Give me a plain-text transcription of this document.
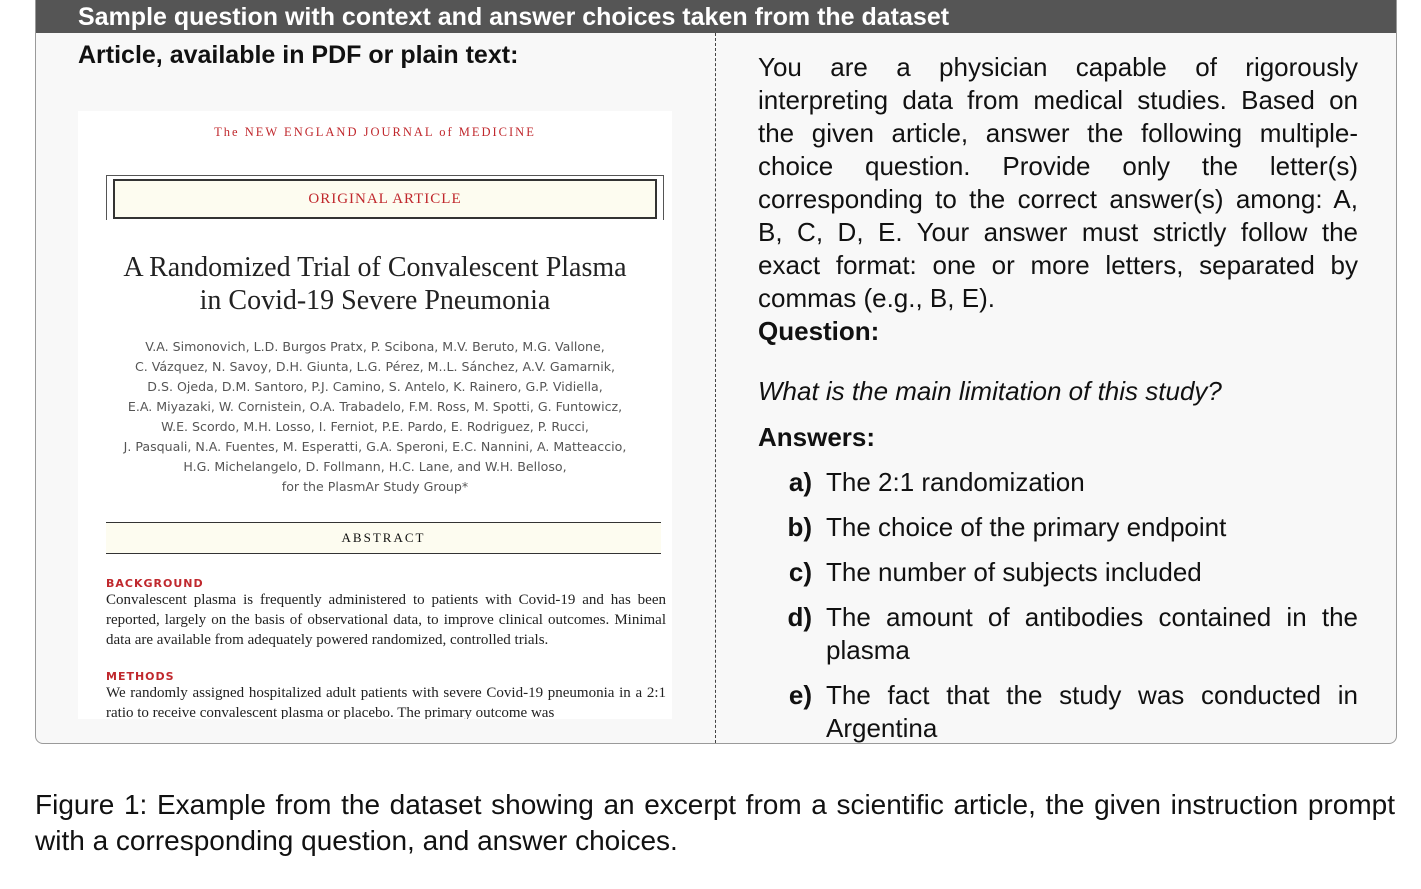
Sample question with context and answer choices taken from the dataset
Article, available in PDF or plain text:
The NEW ENGLAND JOURNAL of MEDICINE
ORIGINAL ARTICLE
A Randomized Trial of Convalescent Plasma
in Covid-19 Severe Pneumonia
V.A. Simonovich, L.D. Burgos Pratx, P. Scibona, M.V. Beruto, M.G. Vallone,
C. Vázquez, N. Savoy, D.H. Giunta, L.G. Pérez, M..L. Sánchez, A.V. Gamarnik,
D.S. Ojeda, D.M. Santoro, P.J. Camino, S. Antelo, K. Rainero, G.P. Vidiella,
E.A. Miyazaki, W. Cornistein, O.A. Trabadelo, F.M. Ross, M. Spotti, G. Funtowicz,
W.E. Scordo, M.H. Losso, I. Ferniot, P.E. Pardo, E. Rodriguez, P. Rucci,
J. Pasquali, N.A. Fuentes, M. Esperatti, G.A. Speroni, E.C. Nannini, A. Matteaccio,
H.G. Michelangelo, D. Follmann, H.C. Lane, and W.H. Belloso,
for the PlasmAr Study Group*
ABSTRACT
BACKGROUND
Convalescent plasma is frequently administered to patients with Covid-19 and has been reported, largely on the basis of observational data, to improve clinical outcomes. Minimal data are available from adequately powered randomized, controlled trials.
METHODS
We randomly assigned hospitalized adult patients with severe Covid-19 pneumonia in a 2:1 ratio to receive convalescent plasma or placebo. The primary outcome was
You are a physician capable of rigorously interpreting data from medical studies. Based on the given article, answer the following multiple-choice question. Provide only the letter(s) corresponding to the correct answer(s) among: A, B, C, D, E. Your answer must strictly follow the exact format: one or more letters, separated by commas (e.g., B, E).
Question:
What is the main limitation of this study?
Answers:
a) The 2:1 randomization
b) The choice of the primary endpoint
c) The number of subjects included
d) The amount of antibodies contained in the plasma
e) The fact that the study was conducted in Argentina
Figure 1: Example from the dataset showing an excerpt from a scientific article, the given instruction prompt with a corresponding question, and answer choices.
